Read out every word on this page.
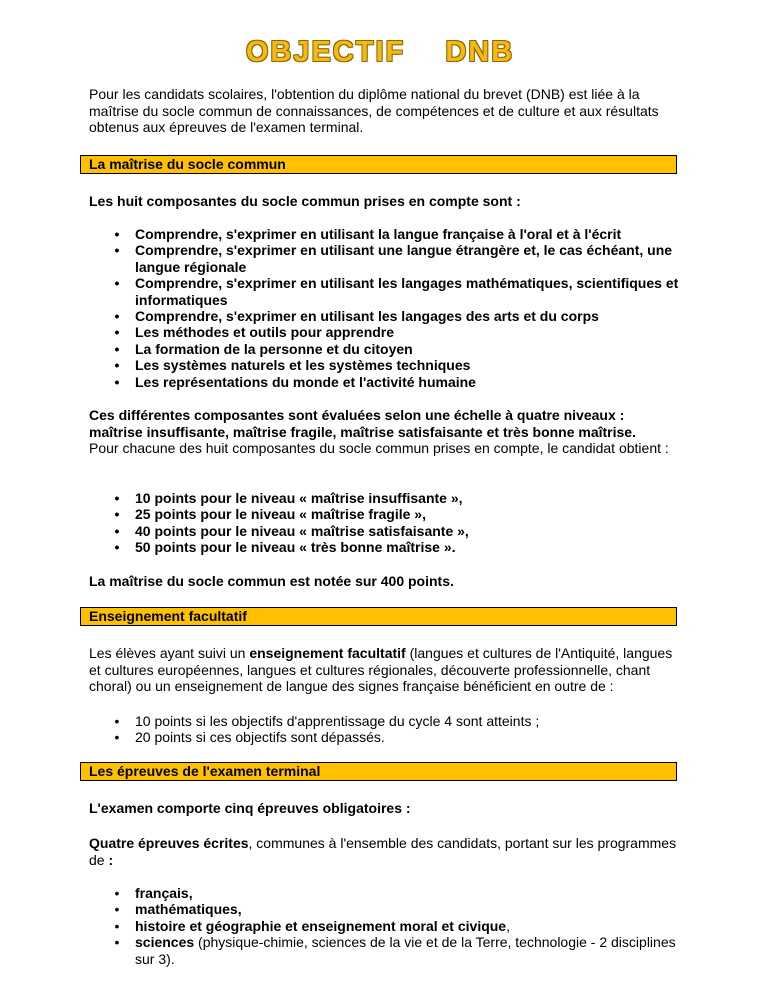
OBJECTIF  DNB

Pour les candidats scolaires, l'obtention du diplôme national du brevet (DNB) est liée à la maîtrise du socle commun de connaissances, de compétences et de culture et aux résultats obtenus aux épreuves de l'examen terminal.

La maîtrise du socle commun

Les huit composantes du socle commun prises en compte sont :

• Comprendre, s'exprimer en utilisant la langue française à l'oral et à l'écrit
• Comprendre, s'exprimer en utilisant une langue étrangère et, le cas échéant, une langue régionale
• Comprendre, s'exprimer en utilisant les langages mathématiques, scientifiques et informatiques
• Comprendre, s'exprimer en utilisant les langages des arts et du corps
• Les méthodes et outils pour apprendre
• La formation de la personne et du citoyen
• Les systèmes naturels et les systèmes techniques
• Les représentations du monde et l'activité humaine

Ces différentes composantes sont évaluées selon une échelle à quatre niveaux : maîtrise insuffisante, maîtrise fragile, maîtrise satisfaisante et très bonne maîtrise.

Pour chacune des huit composantes du socle commun prises en compte, le candidat obtient :

• 10 points pour le niveau « maîtrise insuffisante »,
• 25 points pour le niveau « maîtrise fragile »,
• 40 points pour le niveau « maîtrise satisfaisante »,
• 50 points pour le niveau « très bonne maîtrise ».

La maîtrise du socle commun est notée sur 400 points.

Enseignement facultatif

Les élèves ayant suivi un enseignement facultatif (langues et cultures de l'Antiquité, langues et cultures européennes, langues et cultures régionales, découverte professionnelle, chant choral) ou un enseignement de langue des signes française bénéficient en outre de :

• 10 points si les objectifs d'apprentissage du cycle 4 sont atteints ;
• 20 points si ces objectifs sont dépassés.
Les épreuves de l'examen terminal

L'examen comporte cinq épreuves obligatoires :

Quatre épreuves écrites, communes à l'ensemble des candidats, portant sur les programmes de :

• français,
• mathématiques,
• histoire et géographie et enseignement moral et civique,
• sciences (physique-chimie, sciences de la vie et de la Terre, technologie - 2 disciplines sur 3).
